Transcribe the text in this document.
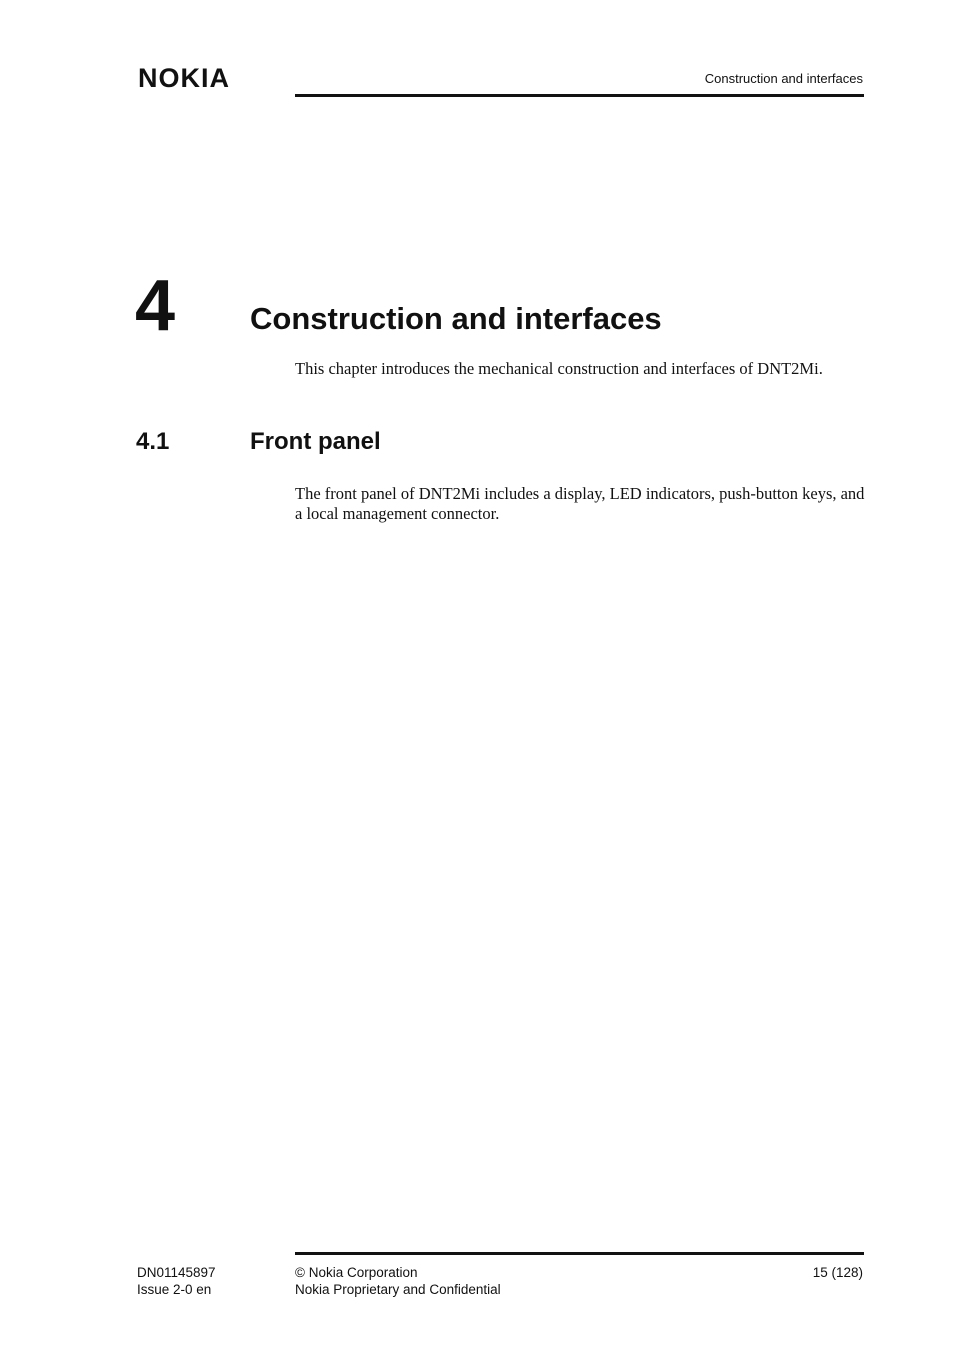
NOKIA	Construction and interfaces
4 Construction and interfaces
This chapter introduces the mechanical construction and interfaces of DNT2Mi.
4.1	Front panel
The front panel of DNT2Mi includes a display, LED indicators, push-button keys, and a local management connector.
DN01145897
Issue 2-0 en
© Nokia Corporation
Nokia Proprietary and Confidential
15 (128)
